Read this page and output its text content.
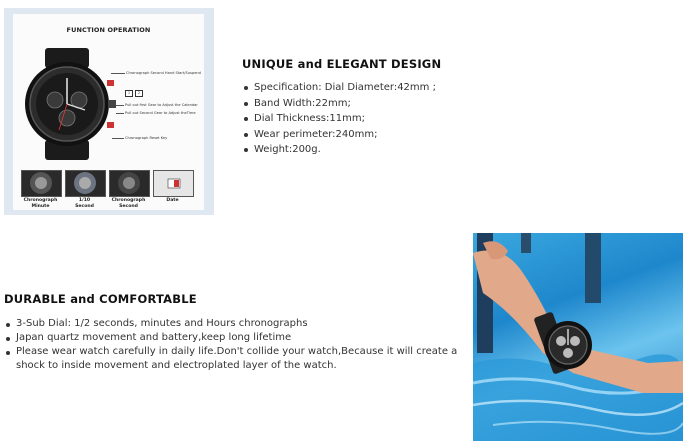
FUNCTION OPERATION
Chronograph Second Hand Start/Suspend
1	2
Pull out first Gear to Adjust the Calendar
Pull out Second Gear to Adjust theTime
Chronograph Reset Key
Chronograph
Minute
1/10
Second
Chronograph
Second
Date
UNIQUE and ELEGANT DESIGN
Specification: Dial Diameter:42mm ;
Band Width:22mm;
Dial Thickness:11mm;
Wear perimeter:240mm;
Weight:200g.
DURABLE and COMFORTABLE
3-Sub Dial: 1/2 seconds, minutes and Hours chronographs
Japan quartz movement and battery,keep long lifetime
Please wear watch carefully in daily life.Don't collide your watch,Because it will create a shock to inside movement and electroplated layer of the watch.
